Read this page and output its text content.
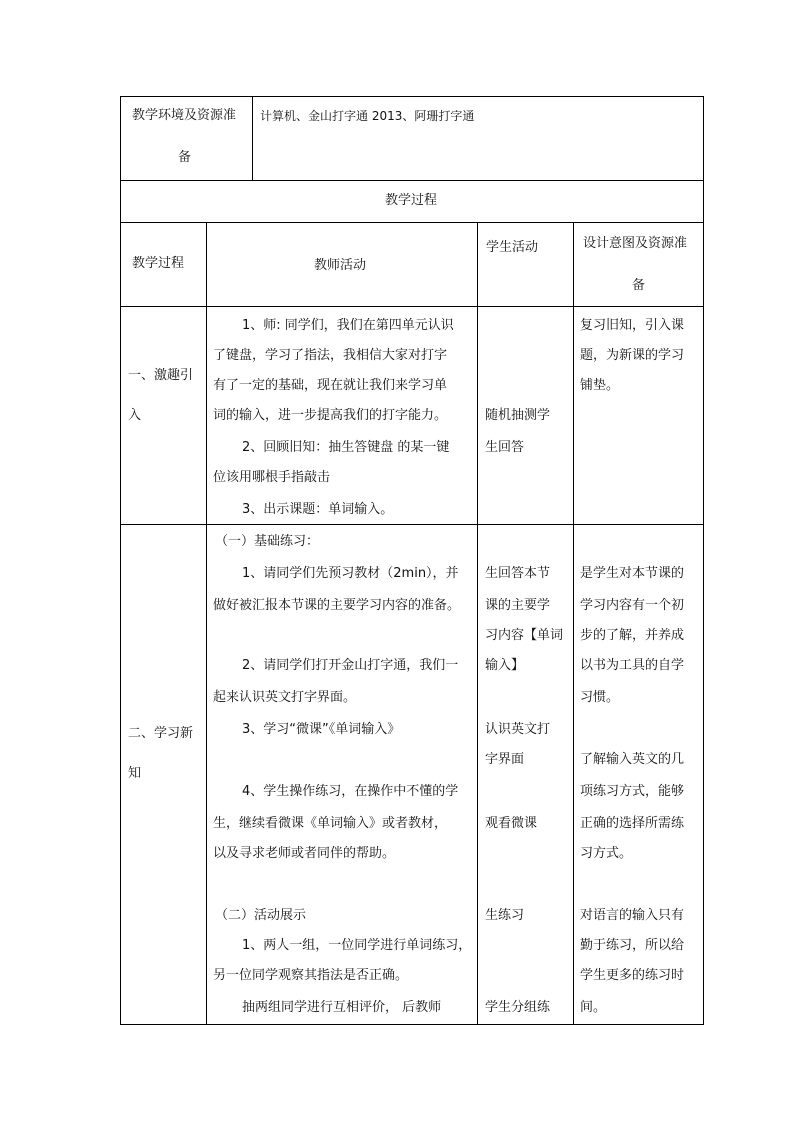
教学环境及资源准
备
计算机、金山打字通 2013、阿珊打字通
教学过程
教学过程	教师活动
学生活动	设计意图及资源准
备
一、激趣引
入
1、师: 同学们，我们在第四单元认识
了键盘，学习了指法，我相信大家对打字
有了一定的基础，现在就让我们来学习单
词的输入，进一步提高我们的打字能力。
2、回顾旧知：抽生答键盘 的某一键
位该用哪根手指敲击
3、出示课题：单词输入。
随机抽测学
生回答
复习旧知，引入课
题，为新课的学习
铺垫。
二、学习新
知
（一）基础练习：
1、请同学们先预习教材（2min），并
做好被汇报本节课的主要学习内容的准备。
2、请同学们打开金山打字通，我们一
起来认识英文打字界面。
3、学习“微课”《单词输入》
4、学生操作练习，在操作中不懂的学
生，继续看微课《单词输入》或者教材，
以及寻求老师或者同伴的帮助。
（二）活动展示
1、两人一组，一位同学进行单词练习，
另一位同学观察其指法是否正确。
抽两组同学进行互相评价， 后教师
生回答本节
课的主要学
习内容【单词
输入】
认识英文打
字界面
观看微课
生练习
学生分组练
是学生对本节课的
学习内容有一个初
步的了解，并养成
以书为工具的自学
习惯。
了解输入英文的几
项练习方式，能够
正确的选择所需练
习方式。
对语言的输入只有
勤于练习，所以给
学生更多的练习时
间。
